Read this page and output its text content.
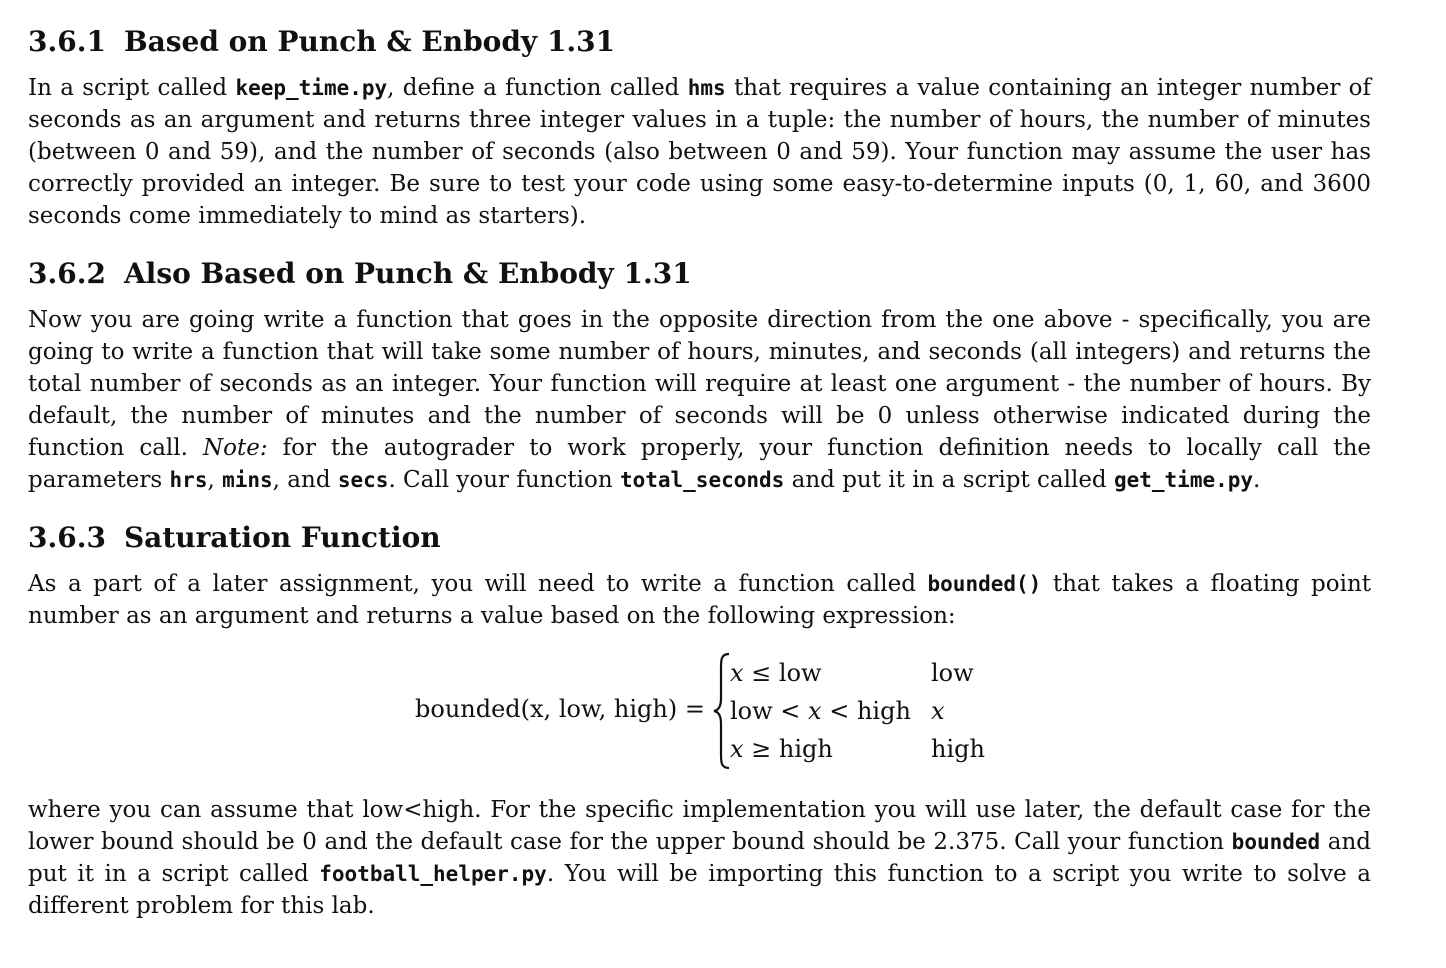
3.6.1 Based on Punch & Enbody 1.31

In a script called keep_time.py, define a function called hms that requires a value containing an integer number of seconds as an argument and returns three integer values in a tuple: the number of hours, the number of minutes (between 0 and 59), and the number of seconds (also between 0 and 59). Your function may assume the user has correctly provided an integer. Be sure to test your code using some easy-to-determine inputs (0, 1, 60, and 3600 seconds come immediately to mind as starters).

3.6.2 Also Based on Punch & Enbody 1.31

Now you are going write a function that goes in the opposite direction from the one above - specifically, you are going to write a function that will take some number of hours, minutes, and seconds (all integers) and returns the total number of seconds as an integer. Your function will require at least one argument - the number of hours. By default, the number of minutes and the number of seconds will be 0 unless otherwise indicated during the function call. Note: for the autograder to work properly, your function definition needs to locally call the parameters hrs, mins, and secs. Call your function total_seconds and put it in a script called get_time.py.

3.6.3 Saturation Function

As a part of a later assignment, you will need to write a function called bounded() that takes a floating point number as an argument and returns a value based on the following expression:

bounded(x, low, high) =
x ≤ low	low
low < x < high x
x ≥ high	high

where you can assume that low<high. For the specific implementation you will use later, the default case for the lower bound should be 0 and the default case for the upper bound should be 2.375. Call your function bounded and put it in a script called football_helper.py. You will be importing this function to a script you write to solve a different problem for this lab.
